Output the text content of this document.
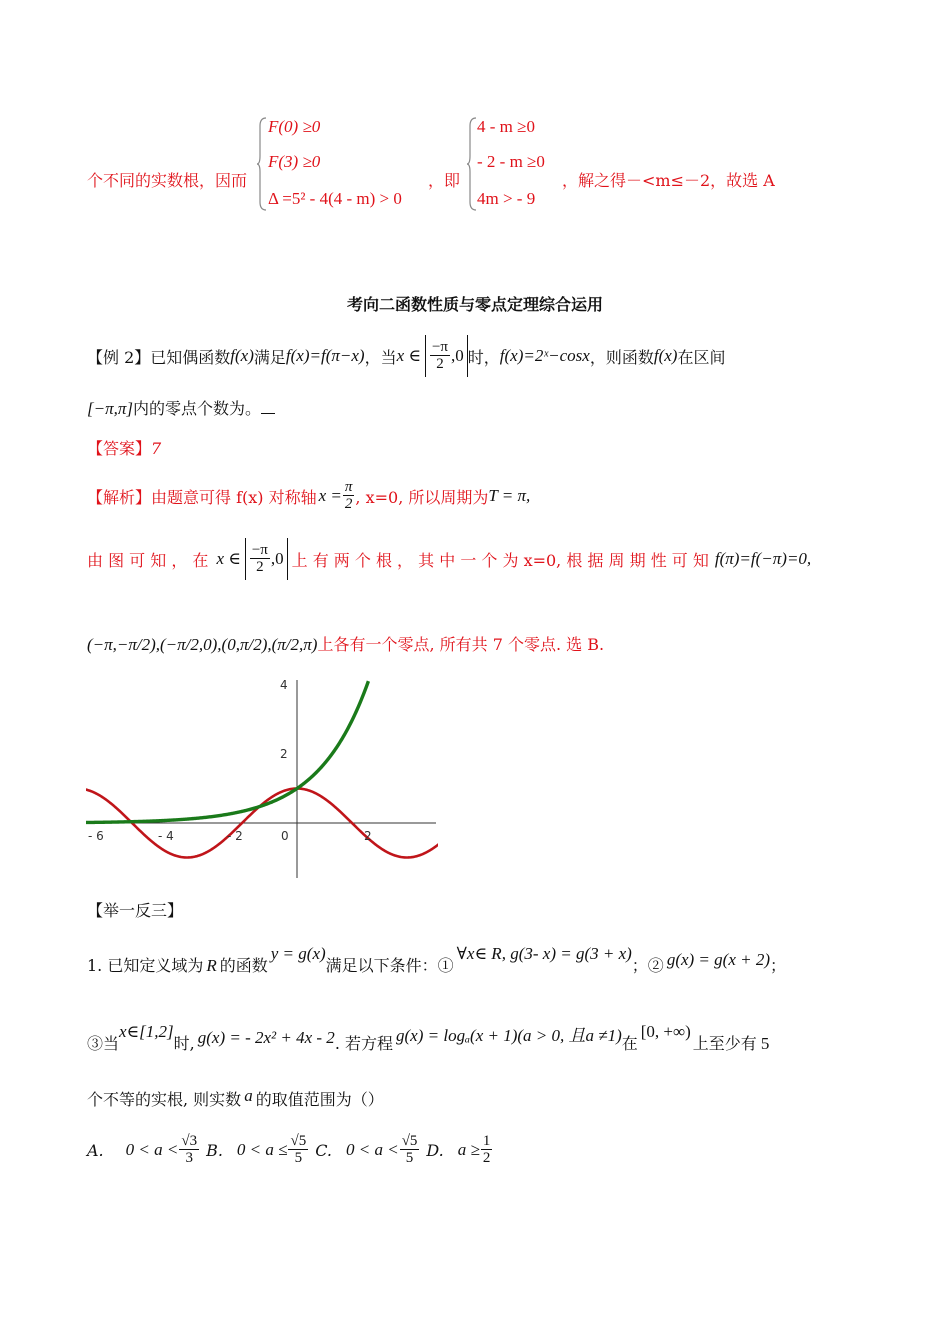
个不同的实数根，因而
F(0) ≥0
F(3) ≥0
Δ =5² - 4(4 - m) > 0
，即
4 - m ≥0
- 2 - m ≥0
4m > - 9
，解之得－<m≤－2，故选 A
考向二函数性质与零点定理综合运用
【例 2】 已知偶函数 f(x) 满足 f(x)=f(π−x) ，当 x ∈ $\frac{-\pi}{2} ,0$ 时， f(x)=2ˣ−cosx ，则函数 f(x) 在区间
[−π,π]内的零点个数为。
【答案】7
【解析】 由题意可得 f(x) 对称轴 $x = \frac{\pi}{2}$ , x=0, 所以周期为 T = π,
由 图 可 知 ， 在 x ∈ $\frac{-\pi}{2} ,0$ 上 有 两 个 根 ， 其 中 一 个 为 x=0, 根 据 周 期 性 可 知 f(π)=f(−π)=0,
(−π,−π/2),(−π/2,0),(0,π/2),(π/2,π)上各有一个零点, 所有共 7 个零点. 选 B.
4
2
- 6	- 4	- 2	0	2
【举一反三】
1. 已知定义域为 R 的函数
y = g(x)
满足以下条件：①
∀x∈ R, g(3- x) = g(3 + x)
；② g(x) = g(x + 2) ；
③当
x∈[1,2]
时, g(x) = - 2x² + 4x - 2 . 若方程 g(x) = logₐ(x + 1)(a > 0, 且a ≠1) 在
[0, +∞)
上至少有 5
个不等的实根, 则实数 a 的取值范围为（）
A. $0 < a < \frac{√3}{3} B$. $0 < a \le \frac{√5}{5} C$. $0 < a < \frac{√5}{5} D$. $a \ge \frac{1}{2}$
